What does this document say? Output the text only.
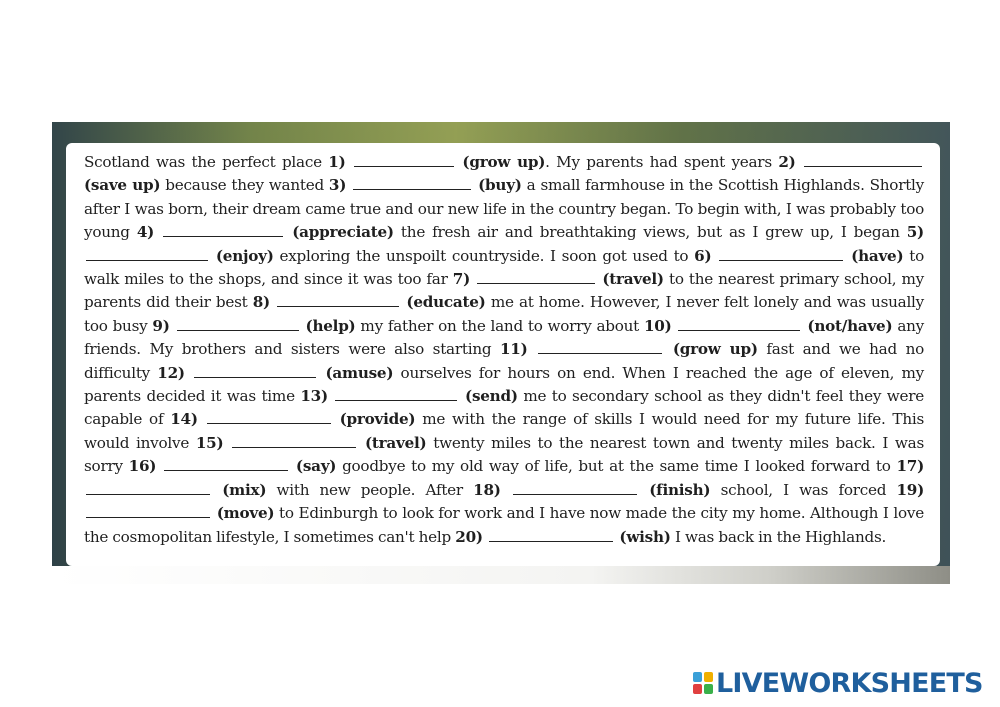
Scotland was the perfect place 1)	(grow up). My parents had spent years 2)  (save up) because they wanted 3)	(buy) a small farmhouse in the Scottish Highlands. Shortly after I was born, their dream came true and our new life in the country began. To begin with, I was probably too young 4)	(appreciate) the fresh air and breathtaking views, but as I grew up, I began 5)  (enjoy) exploring the unspoilt countryside. I soon got used to 6)	(have) to walk miles to the shops, and since it was too far 7)	(travel) to the nearest primary school, my parents did their best 8)	(educate) me at home. However, I never felt lonely and was usually too busy 9)	(help) my father on the land to worry about 10)	(not/have) any friends. My brothers and sisters were also starting 11)	(grow up) fast and we had no difficulty 12)	(amuse) ourselves for hours on end. When I reached the age of eleven, my parents decided it was time 13)	(send) me to secondary school as they didn't feel they were capable of 14)	(provide) me with the range of skills I would need for my future life. This would involve 15)	(travel) twenty miles to the nearest town and twenty miles back. I was sorry 16)	(say) goodbye to my old way of life, but at the same time I looked forward to 17)  (mix) with new people. After 18)	(finish) school, I was forced 19)  (move) to Edinburgh to look for work and I have now made the city my home. Although I love the cosmopolitan lifestyle, I sometimes can't help 20)	(wish) I was back in the Highlands.
LIVEWORKSHEETS
